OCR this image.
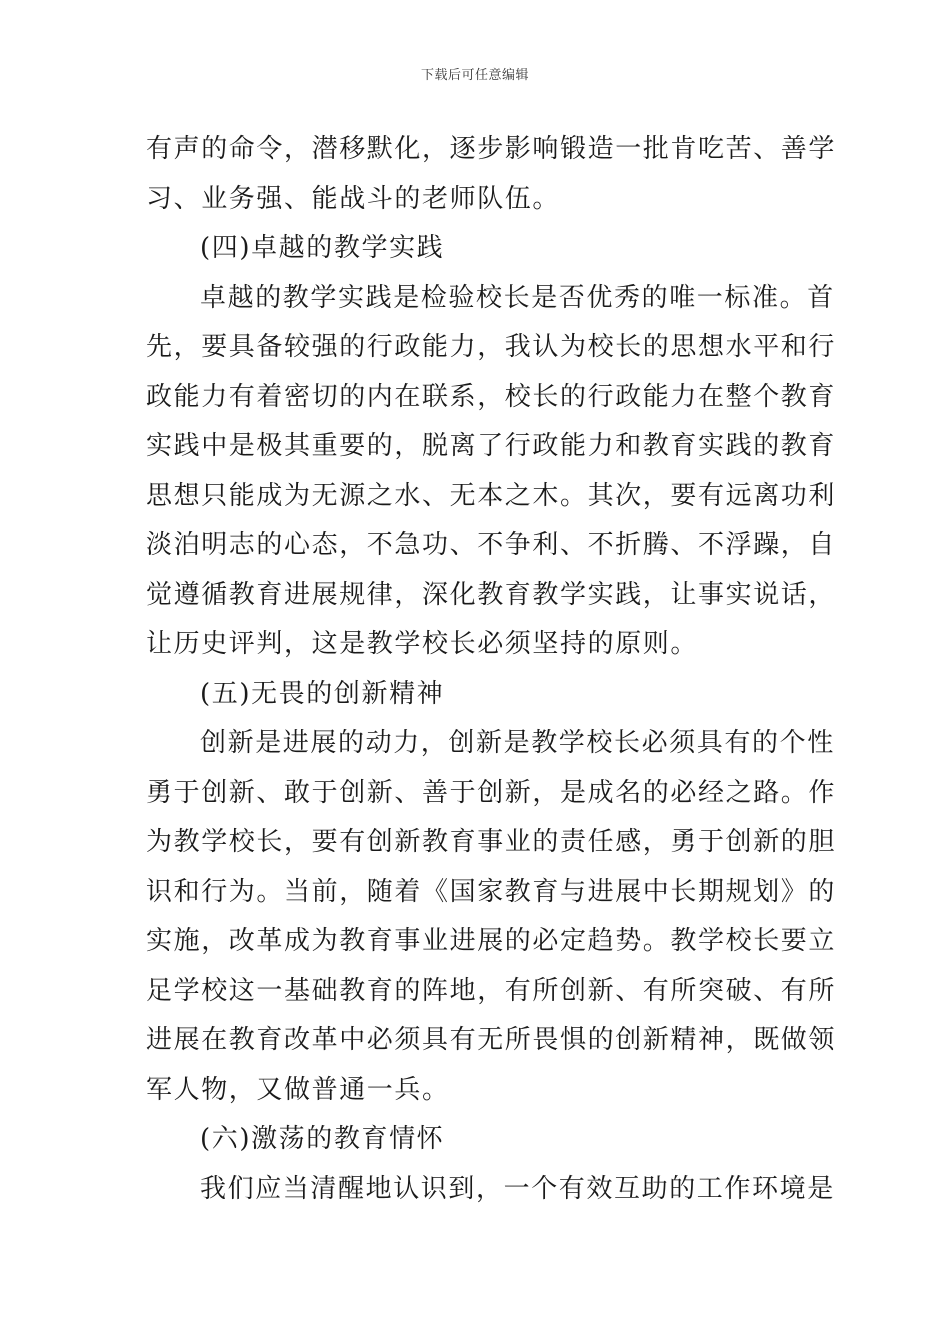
下载后可任意编辑
有声的命令，潜移默化，逐步影响锻造一批肯吃苦、善学
习、业务强、能战斗的老师队伍。
(四)卓越的教学实践
卓越的教学实践是检验校长是否优秀的唯一标准。首
先，要具备较强的行政能力，我认为校长的思想水平和行
政能力有着密切的内在联系，校长的行政能力在整个教育
实践中是极其重要的，脱离了行政能力和教育实践的教育
思想只能成为无源之水、无本之木。其次，要有远离功利
淡泊明志的心态，不急功、不争利、不折腾、不浮躁，自
觉遵循教育进展规律，深化教育教学实践，让事实说话，
让历史评判，这是教学校长必须坚持的原则。
(五)无畏的创新精神
创新是进展的动力，创新是教学校长必须具有的个性
勇于创新、敢于创新、善于创新，是成名的必经之路。作
为教学校长，要有创新教育事业的责任感，勇于创新的胆
识和行为。当前，随着《国家教育与进展中长期规划》的
实施，改革成为教育事业进展的必定趋势。教学校长要立
足学校这一基础教育的阵地，有所创新、有所突破、有所
进展在教育改革中必须具有无所畏惧的创新精神，既做领
军人物，又做普通一兵。
(六)激荡的教育情怀
我们应当清醒地认识到，一个有效互助的工作环境是
